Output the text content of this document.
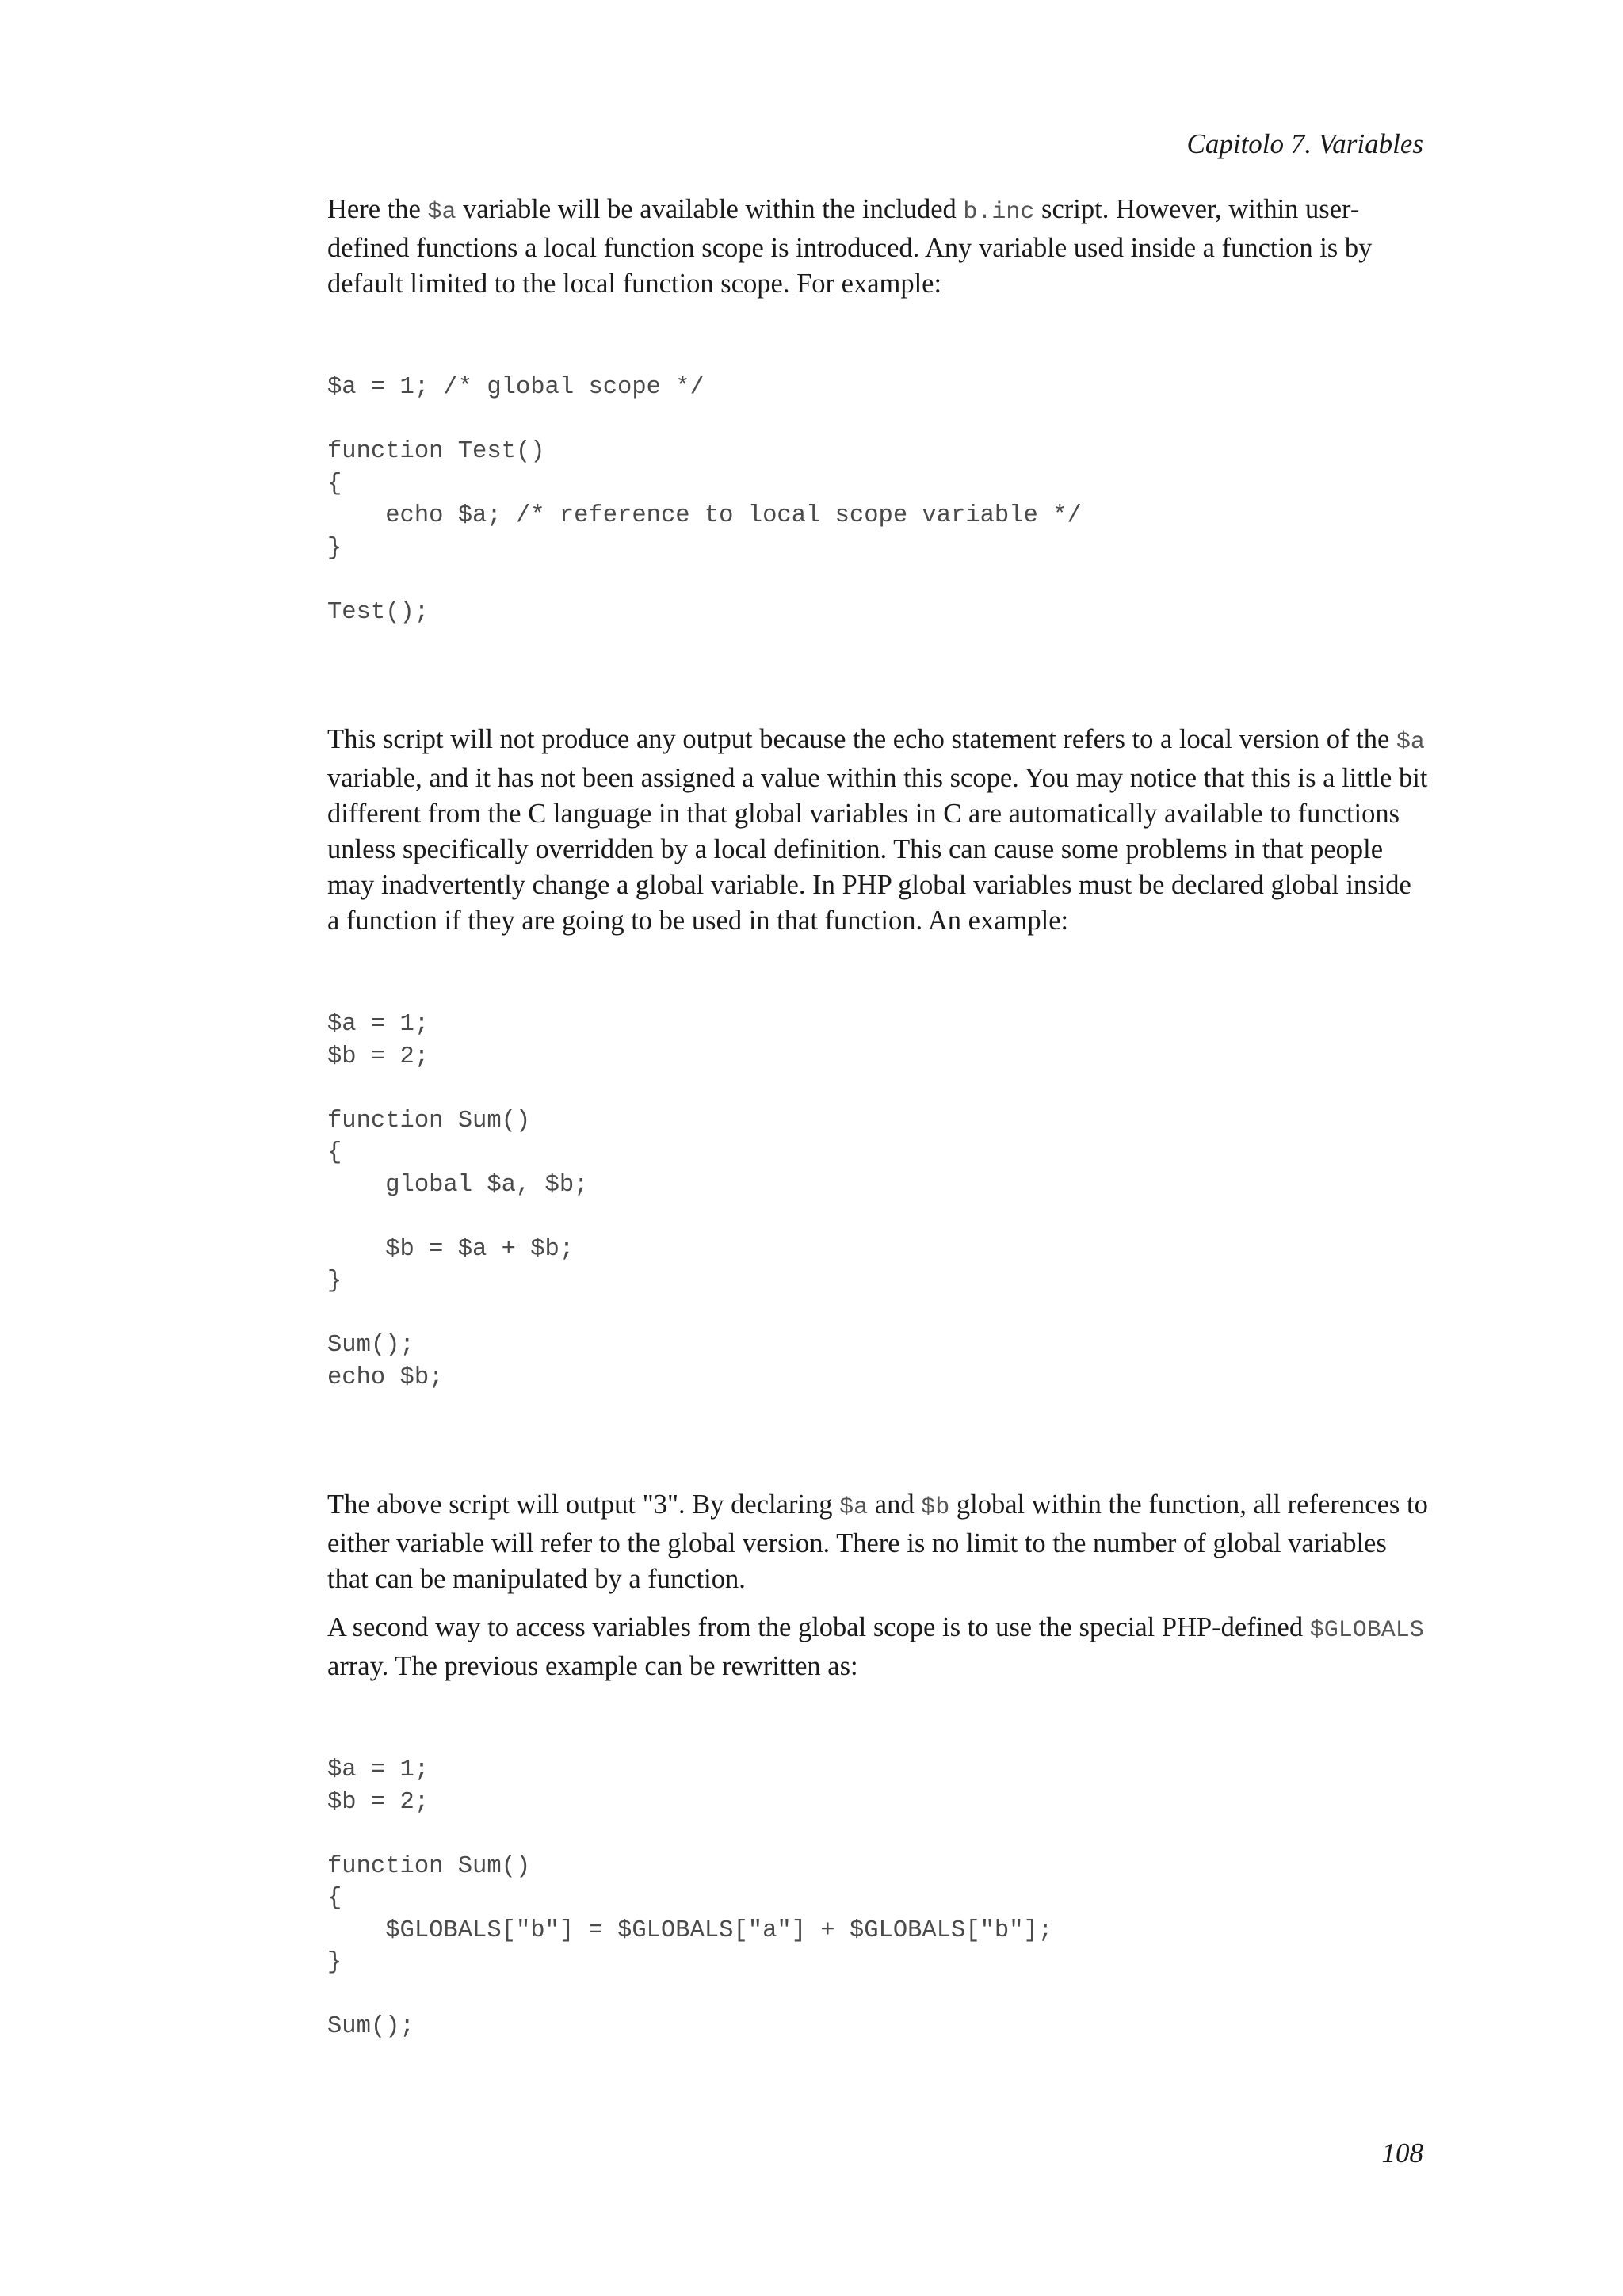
Capitolo 7. Variables

Here the $a variable will be available within the included b.inc script. However, within user-defined functions a local function scope is introduced. Any variable used inside a function is by default limited to the local function scope. For example:

$a = 1; /* global scope */

function Test()
{
echo $a; /* reference to local scope variable */
}

Test();

This script will not produce any output because the echo statement refers to a local version of the $a variable, and it has not been assigned a value within this scope. You may notice that this is a little bit different from the C language in that global variables in C are automatically available to functions unless specifically overridden by a local definition. This can cause some problems in that people may inadvertently change a global variable. In PHP global variables must be declared global inside a function if they are going to be used in that function. An example:

$a = 1;
$b = 2;

function Sum()
{
global $a, $b;

$b = $a + $b;
}

Sum();
echo $b;

The above script will output "3". By declaring $a and $b global within the function, all references to either variable will refer to the global version. There is no limit to the number of global variables that can be manipulated by a function.

A second way to access variables from the global scope is to use the special PHP-defined $GLOBALS array. The previous example can be rewritten as:

$a = 1;
$b = 2;

function Sum()
{
$GLOBALS["b"] = $GLOBALS["a"] + $GLOBALS["b"];
}

Sum();
108
